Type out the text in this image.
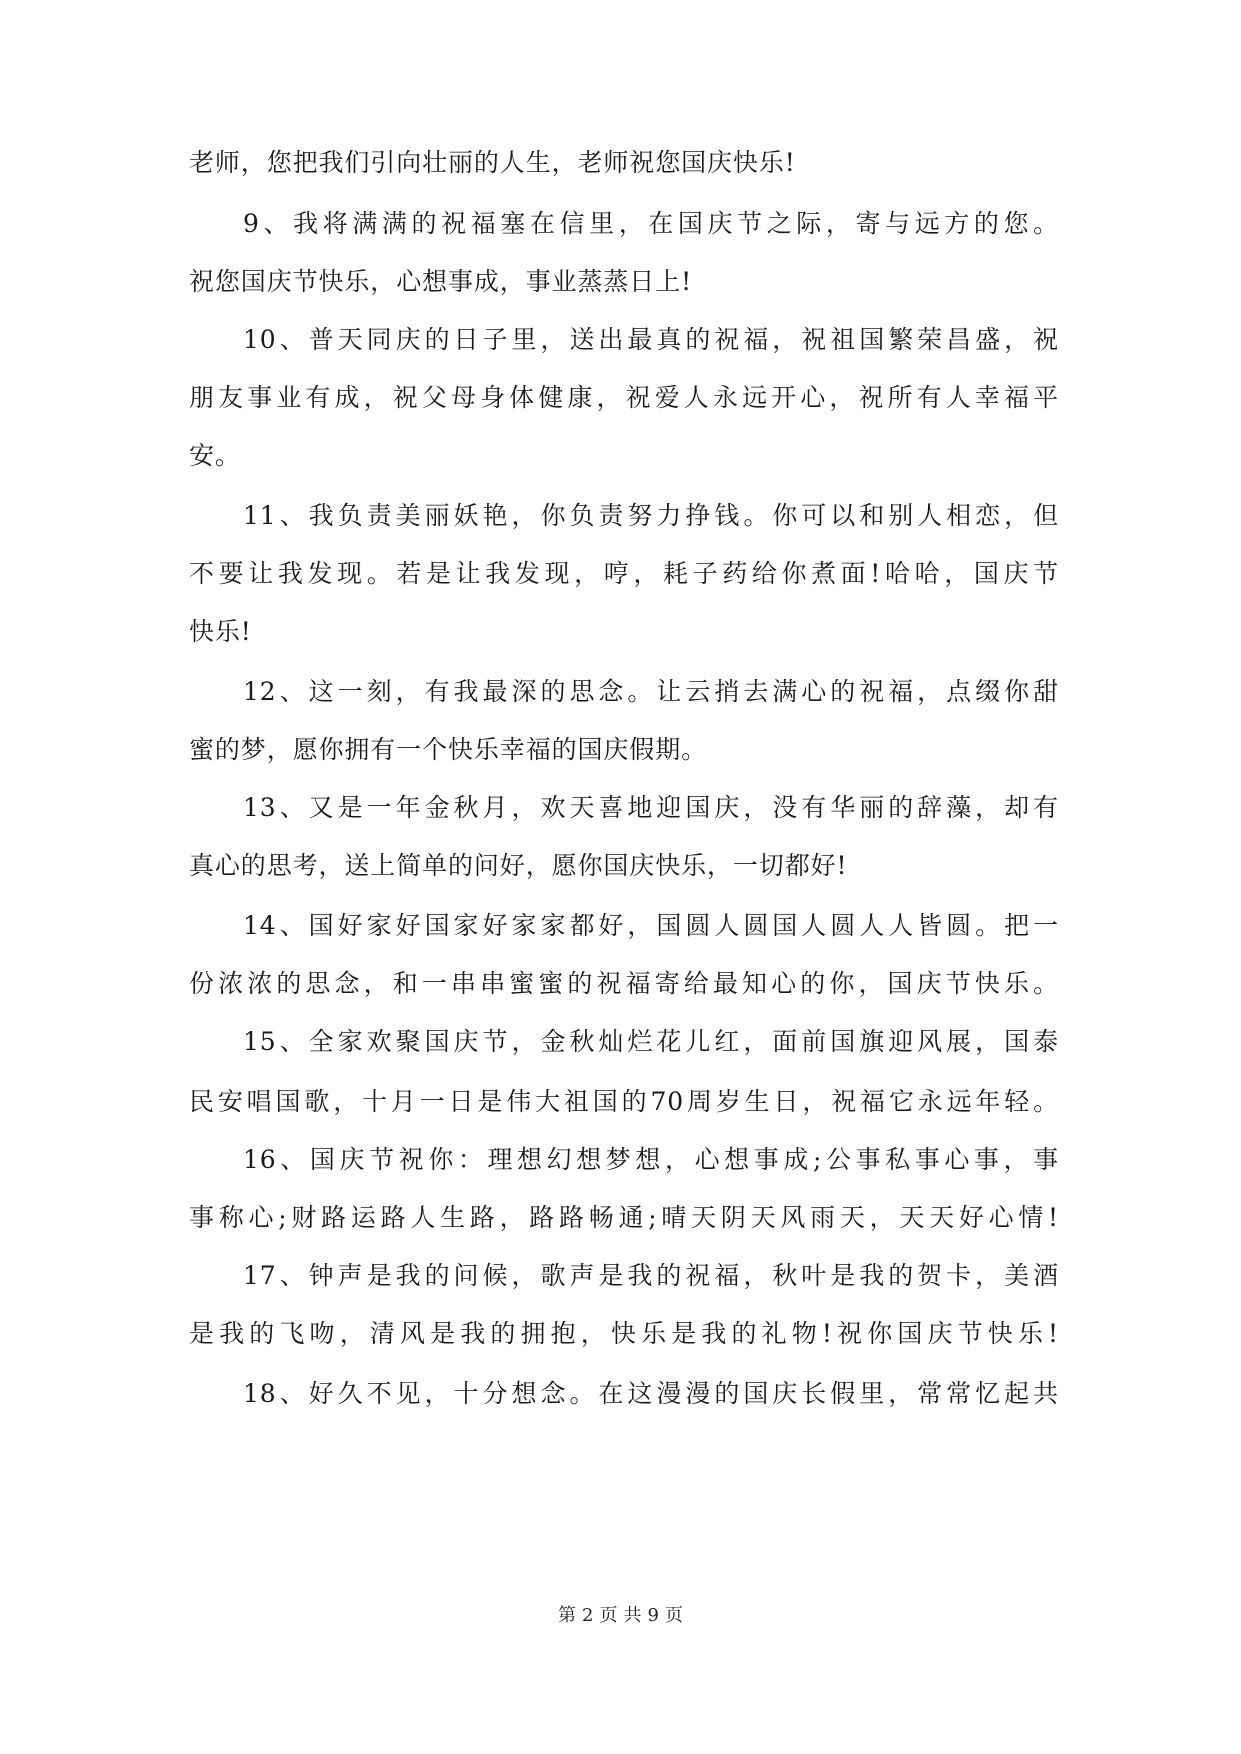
老师，您把我们引向壮丽的人生，老师祝您国庆快乐!
9、我将满满的祝福塞在信里，在国庆节之际，寄与远方的您。
祝您国庆节快乐，心想事成，事业蒸蒸日上!
10、普天同庆的日子里，送出最真的祝福，祝祖国繁荣昌盛，祝
朋友事业有成，祝父母身体健康，祝爱人永远开心，祝所有人幸福平
安。
11、我负责美丽妖艳，你负责努力挣钱。你可以和别人相恋，但
不要让我发现。若是让我发现，哼，耗子药给你煮面!哈哈，国庆节
快乐!
12、这一刻，有我最深的思念。让云捎去满心的祝福，点缀你甜
蜜的梦，愿你拥有一个快乐幸福的国庆假期。
13、又是一年金秋月，欢天喜地迎国庆，没有华丽的辞藻，却有
真心的思考，送上简单的问好，愿你国庆快乐，一切都好!
14、国好家好国家好家家都好，国圆人圆国人圆人人皆圆。把一
份浓浓的思念，和一串串蜜蜜的祝福寄给最知心的你，国庆节快乐。
15、全家欢聚国庆节，金秋灿烂花儿红，面前国旗迎风展，国泰
民安唱国歌，十月一日是伟大祖国的70周岁生日，祝福它永远年轻。
16、国庆节祝你：理想幻想梦想，心想事成;公事私事心事，事
事称心;财路运路人生路，路路畅通;晴天阴天风雨天，天天好心情!
17、钟声是我的问候，歌声是我的祝福，秋叶是我的贺卡，美酒
是我的飞吻，清风是我的拥抱，快乐是我的礼物!祝你国庆节快乐!
18、好久不见，十分想念。在这漫漫的国庆长假里，常常忆起共
第 2 页 共 9 页
